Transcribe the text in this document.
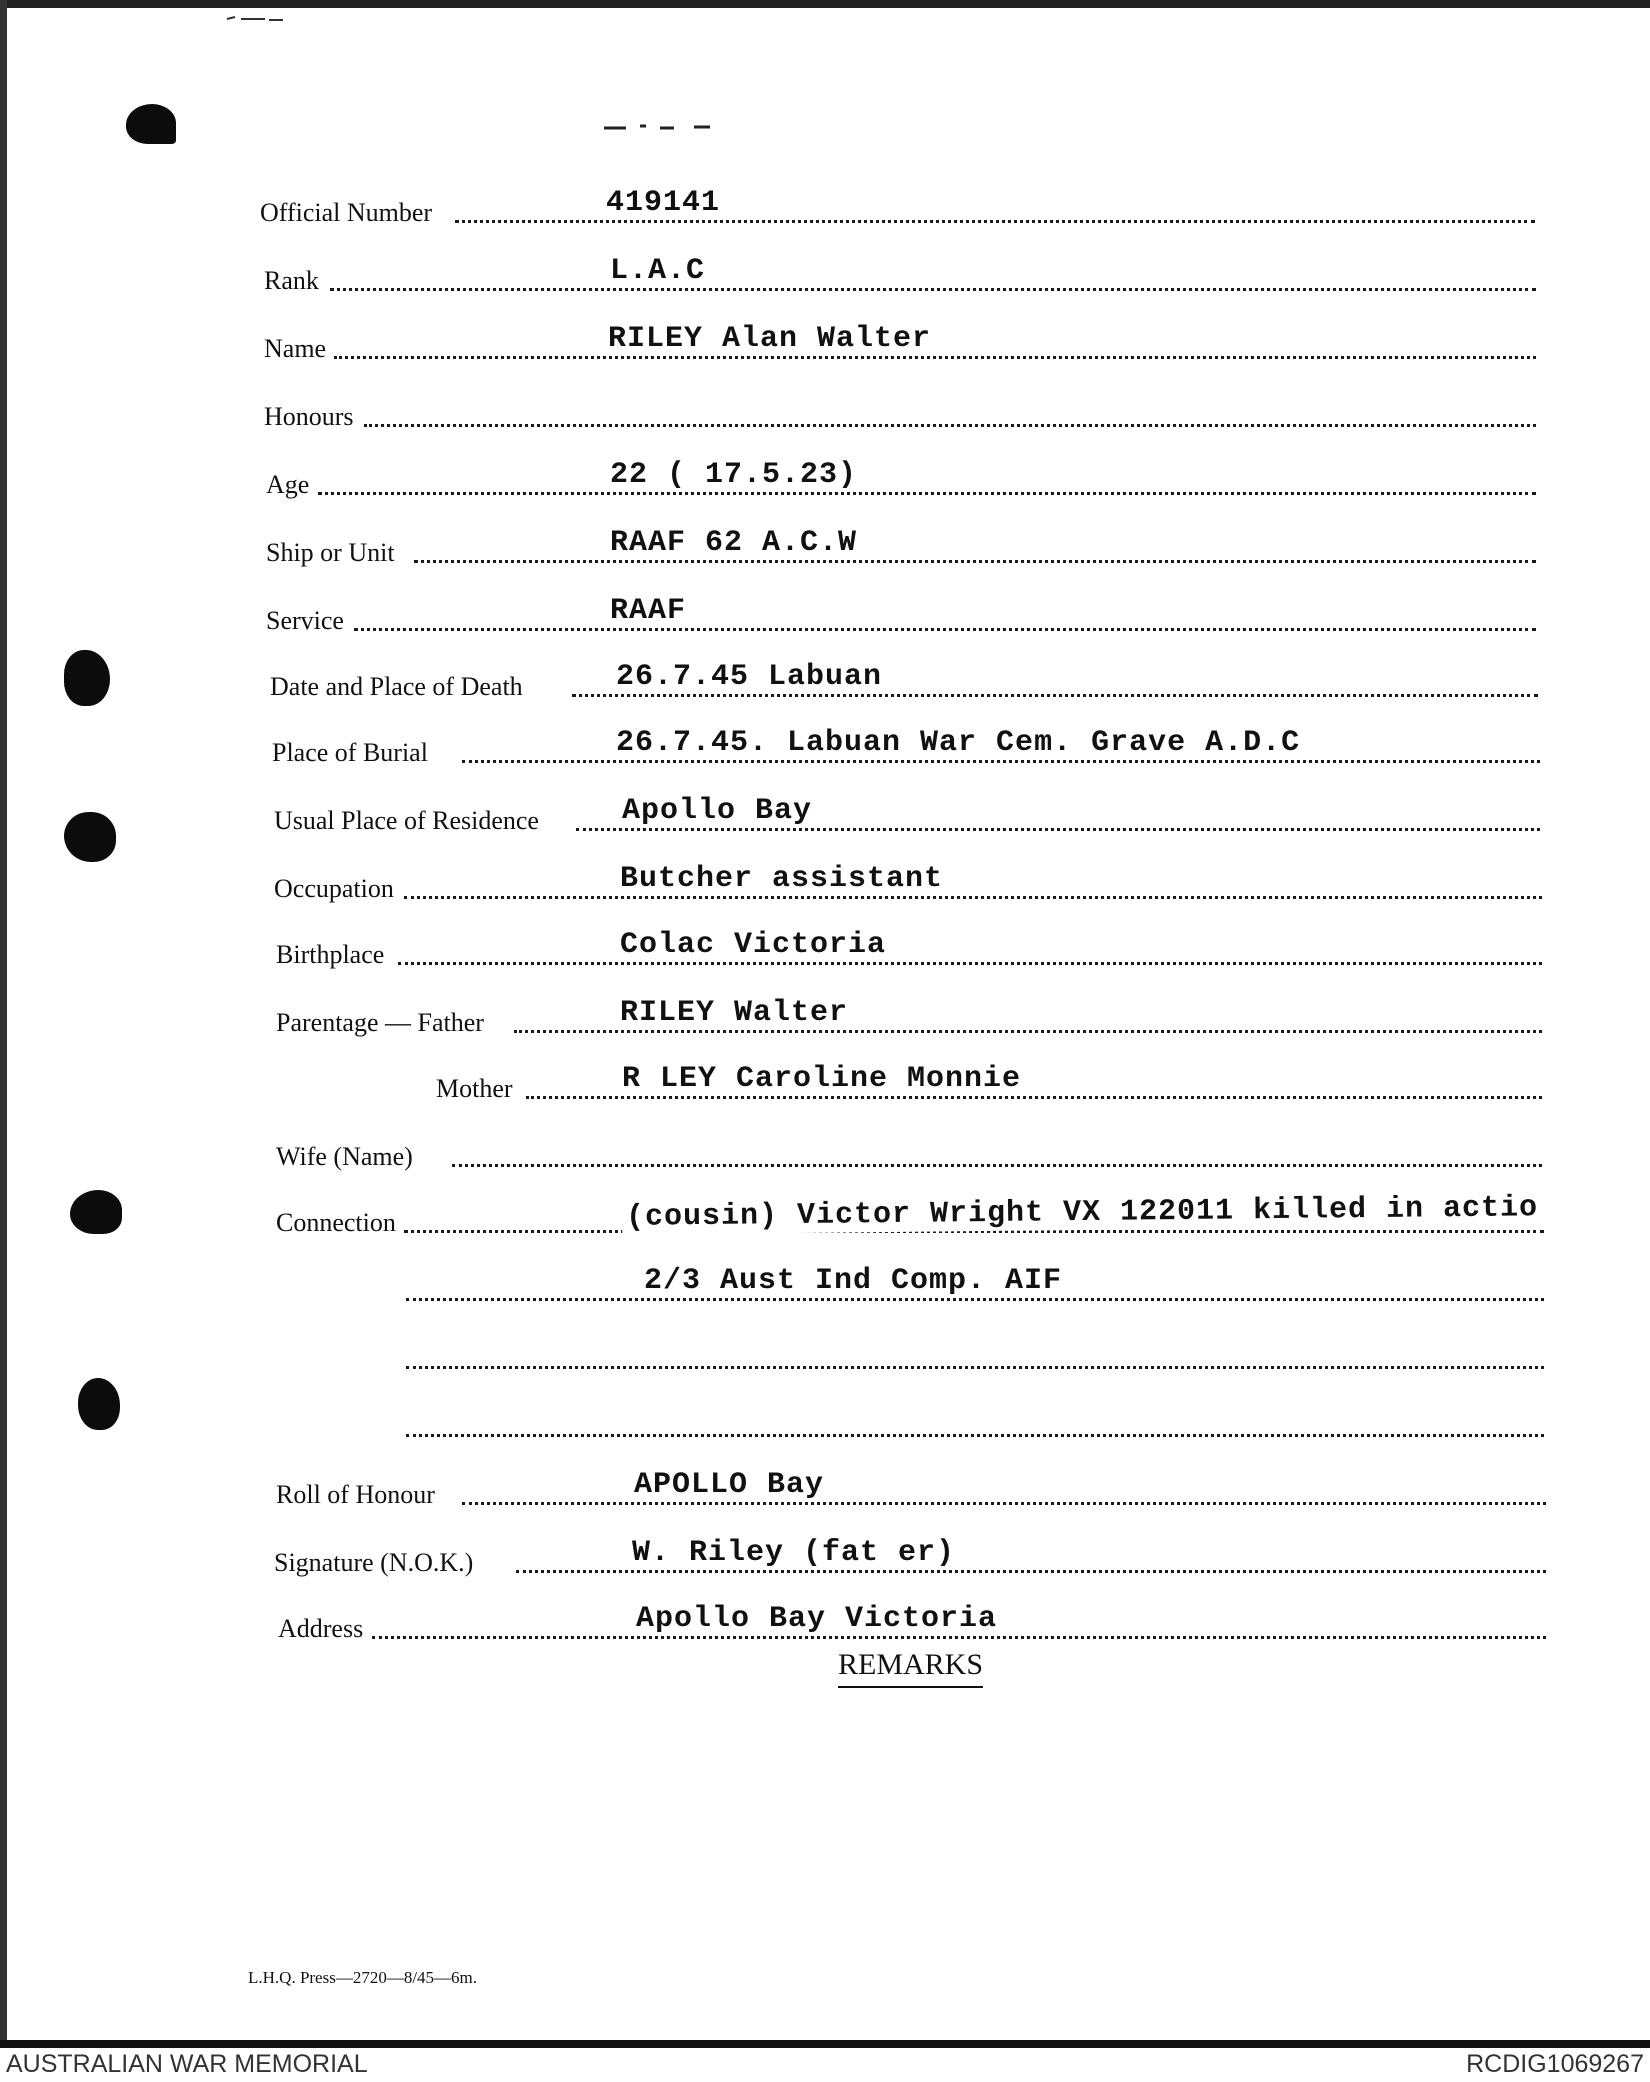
Official Number	419141
Rank	L.A.C
Name	RILEY Alan Walter
Honours
Age	22 ( 17.5.23)
Ship or Unit	RAAF 62 A.C.W
Service	RAAF
Date and Place of Death	26.7.45 Labuan
Place of Burial	26.7.45. Labuan War Cem. Grave A.D.C
Usual Place of Residence	Apollo Bay
Occupation	Butcher assistant
Birthplace	Colac Victoria
Parentage — Father	RILEY Walter
Mother	R LEY Caroline Monnie
Wife (Name)
Connection	(cousin) Victor Wright VX 122011 killed in actio
2/3 Aust Ind Comp. AIF
Roll of Honour	APOLLO Bay
Signature (N.O.K.)	W. Riley (fat er)
Address	Apollo Bay Victoria
REMARKS
L.H.Q. Press—2720—8/45—6m.
AUSTRALIAN WAR MEMORIAL	RCDIG1069267
